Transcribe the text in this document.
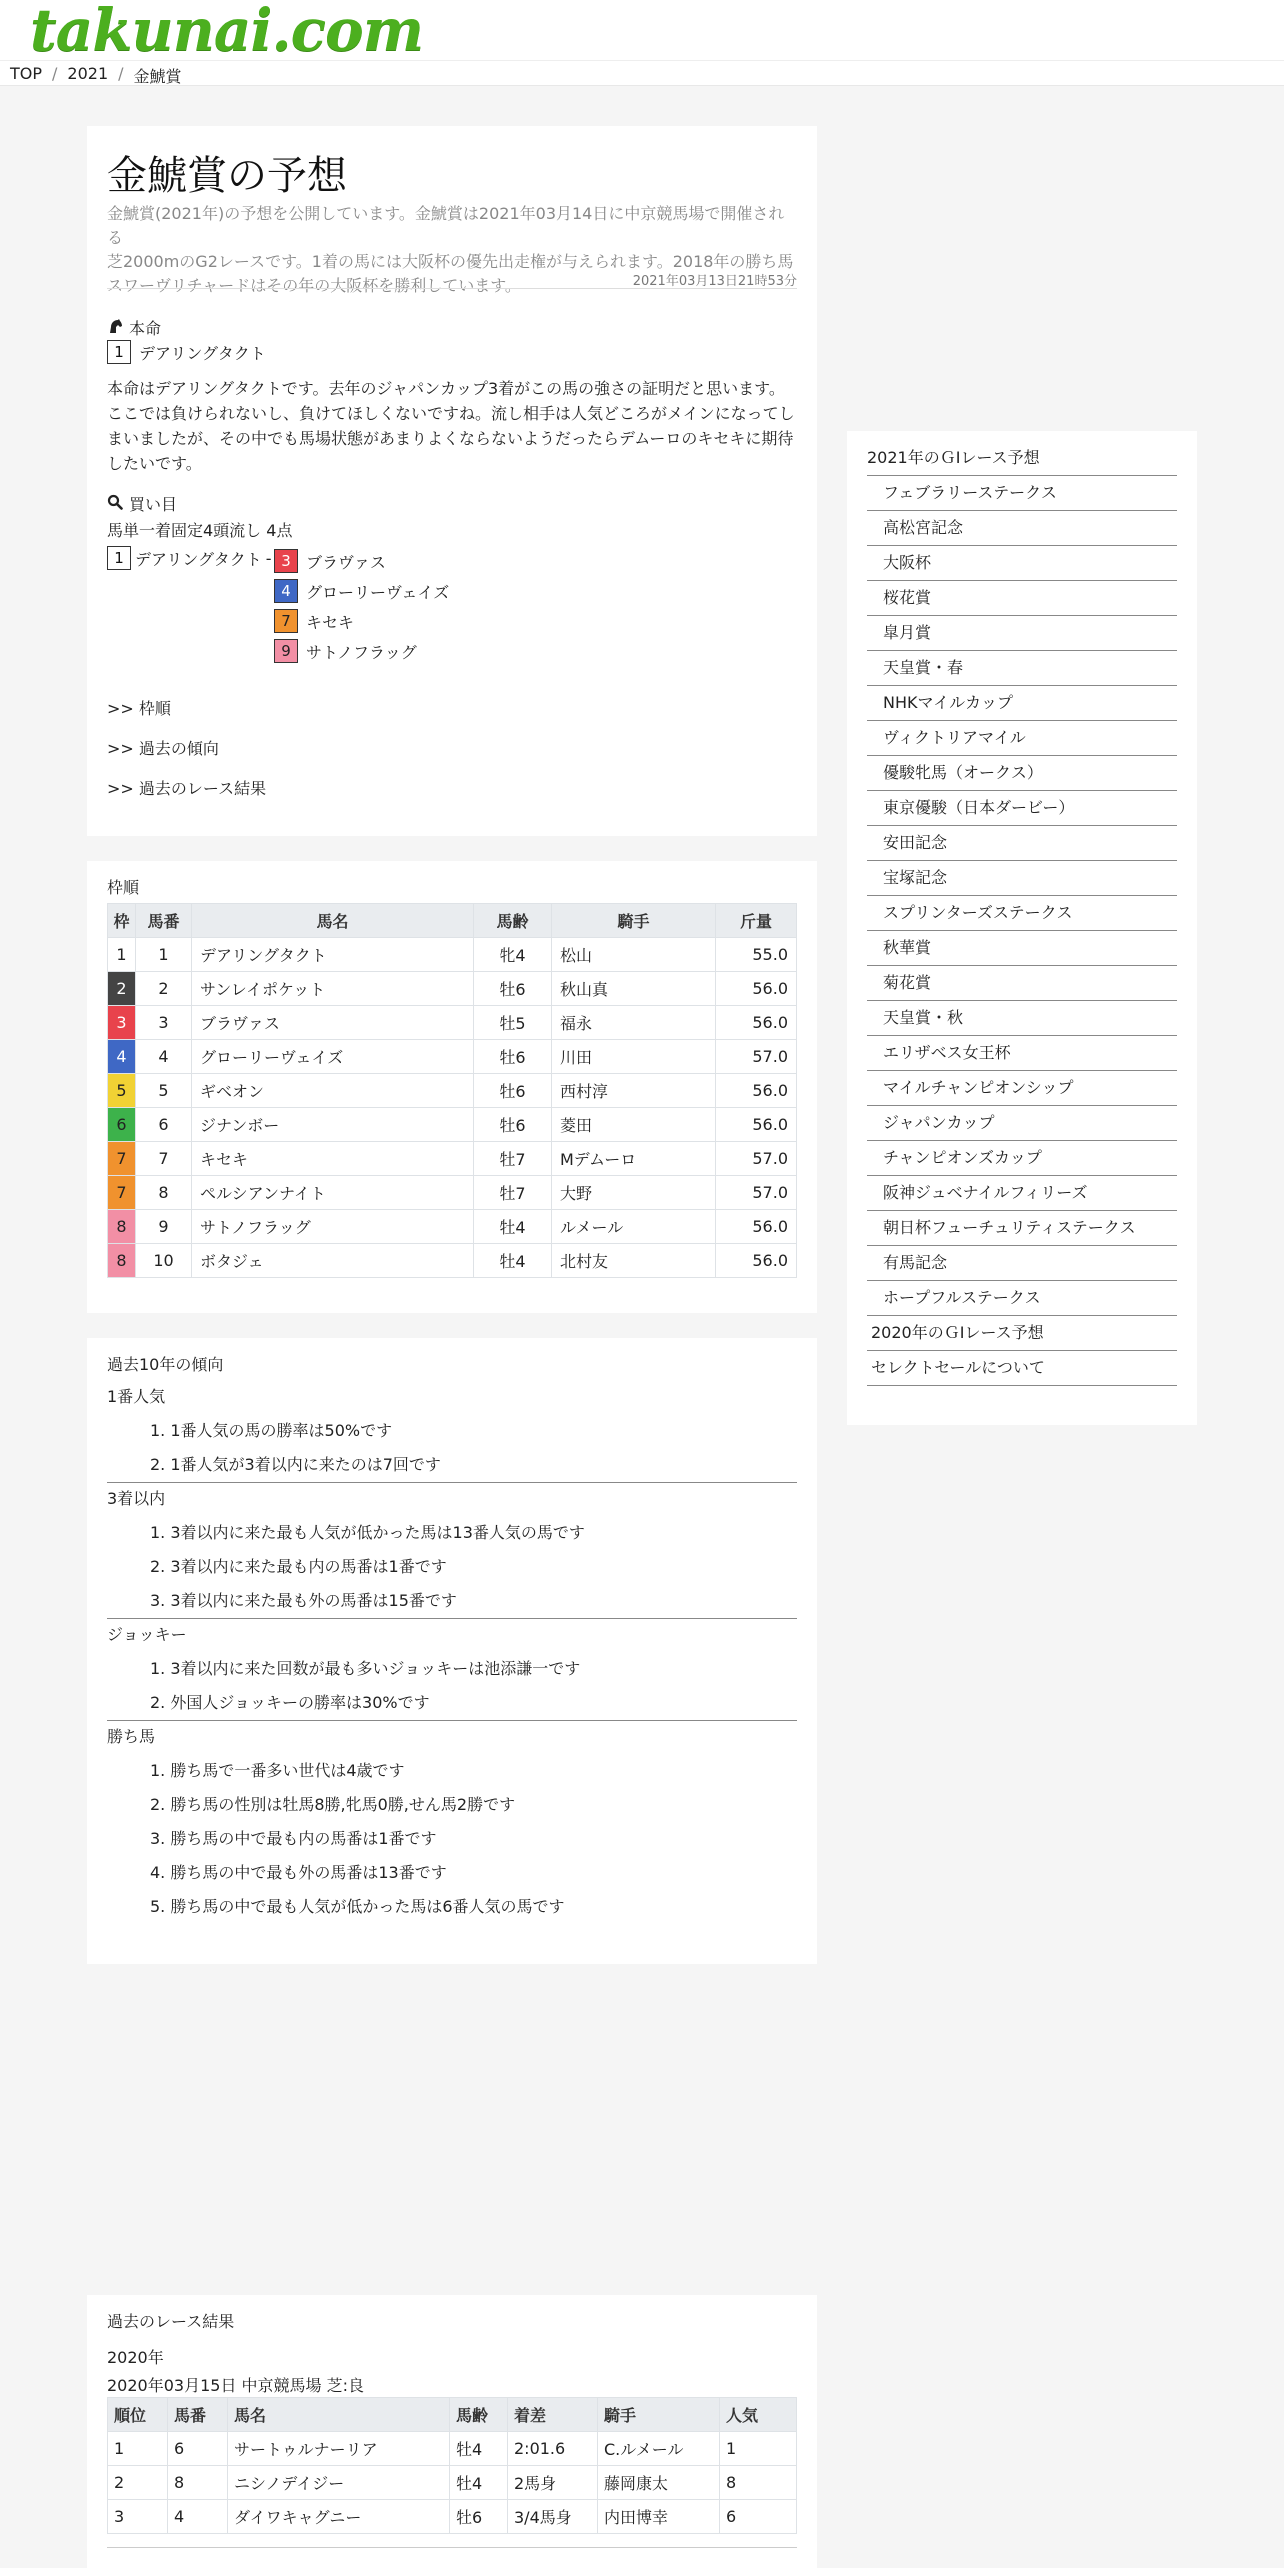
takunai.com
TOP / 2021 / 金鯱賞
金鯱賞の予想
金鯱賞(2021年)の予想を公開しています。金鯱賞は2021年03月14日に中京競馬場で開催される
芝2000mのG2レースです。1着の馬には大阪杯の優先出走権が与えられます。2018年の勝ち馬
スワーヴリチャードはその年の大阪杯を勝利しています。	2021年03月13日21時53分
本命
1 デアリングタクト
本命はデアリングタクトです。去年のジャパンカップ3着がこの馬の強さの証明だと思います。
ここでは負けられないし、負けてほしくないですね。流し相手は人気どころがメインになってし
まいましたが、その中でも馬場状態があまりよくならないようだったらデムーロのキセキに期待
したいです。
買い目
馬単一着固定4頭流し 4点
1 デアリングタクト - 3 ブラヴァス
4 グローリーヴェイズ
7 キセキ
9 サトノフラッグ
>> 枠順
>> 過去の傾向
>> 過去のレース結果
枠順
枠	馬番	馬名	馬齢	騎手	斤量
1	1	デアリングタクト	牝4	松山	55.0
2	2	サンレイポケット	牡6	秋山真	56.0
3	3	ブラヴァス	牡5	福永	56.0
4	4	グローリーヴェイズ	牡6	川田	57.0
5	5	ギベオン	牡6	西村淳	56.0
6	6	ジナンボー	牡6	菱田	56.0
7	7	キセキ	牡7	Mデムーロ	57.0
7	8	ペルシアンナイト	牡7	大野	57.0
8	9	サトノフラッグ	牡4	ルメール	56.0
8	10	ボタジェ	牡4	北村友	56.0
過去10年の傾向
1番人気
1. 1番人気の馬の勝率は50%です
2. 1番人気が3着以内に来たのは7回です
3着以内
1. 3着以内に来た最も人気が低かった馬は13番人気の馬です
2. 3着以内に来た最も内の馬番は1番です
3. 3着以内に来た最も外の馬番は15番です
ジョッキー
1. 3着以内に来た回数が最も多いジョッキーは池添謙一です
2. 外国人ジョッキーの勝率は30%です
勝ち馬
1. 勝ち馬で一番多い世代は4歳です
2. 勝ち馬の性別は牡馬8勝,牝馬0勝,せん馬2勝です
3. 勝ち馬の中で最も内の馬番は1番です
4. 勝ち馬の中で最も外の馬番は13番です
5. 勝ち馬の中で最も人気が低かった馬は6番人気の馬です
過去のレース結果
2020年
2020年03月15日 中京競馬場 芝:良
順位	馬番	馬名	馬齢	着差	騎手	人気
1	6	サートゥルナーリア	牡4	2:01.6	C.ルメール	1
2	8	ニシノデイジー	牡4	2馬身	藤岡康太	8
3	4	ダイワキャグニー	牡6	3/4馬身	内田博幸	6
2021年のＧⅠレース予想
フェブラリーステークス
高松宮記念
大阪杯
桜花賞
皐月賞
天皇賞・春
NHKマイルカップ
ヴィクトリアマイル
優駿牝馬（オークス）
東京優駿（日本ダービー）
安田記念
宝塚記念
スプリンターズステークス
秋華賞
菊花賞
天皇賞・秋
エリザベス女王杯
マイルチャンピオンシップ
ジャパンカップ
チャンピオンズカップ
阪神ジュベナイルフィリーズ
朝日杯フューチュリティステークス
有馬記念
ホープフルステークス
2020年のＧⅠレース予想
セレクトセールについて
